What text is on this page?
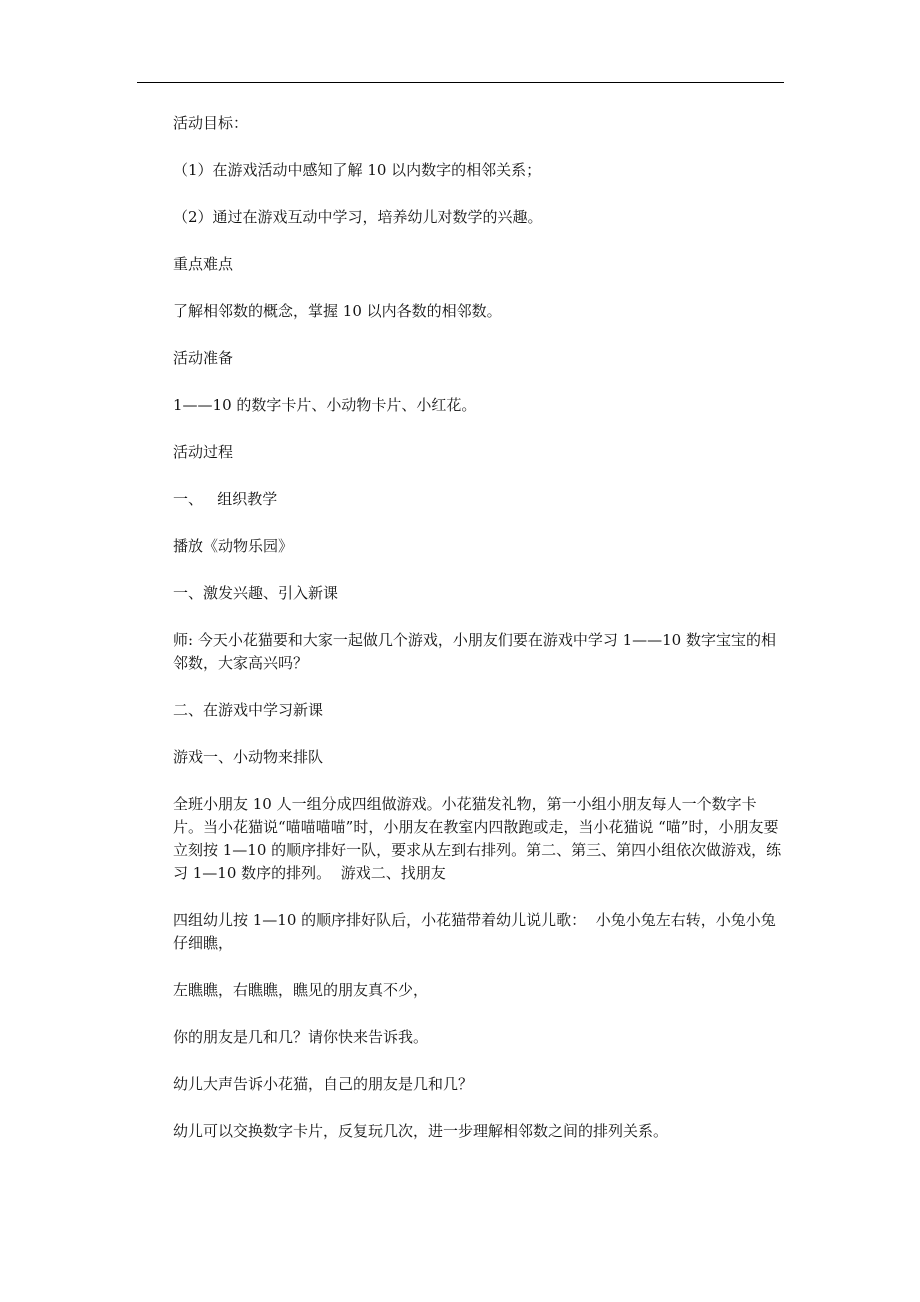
活动目标：

（1）在游戏活动中感知了解 10 以内数字的相邻关系；

（2）通过在游戏互动中学习，培养幼儿对数学的兴趣。

重点难点

了解相邻数的概念，掌握 10 以内各数的相邻数。

活动准备

1——10 的数字卡片、小动物卡片、小红花。

活动过程

一、   组织教学

播放《动物乐园》

一、激发兴趣、引入新课

师: 今天小花猫要和大家一起做几个游戏，小朋友们要在游戏中学习 1——10 数字宝宝的相邻数，大家高兴吗？

二、在游戏中学习新课

游戏一、小动物来排队

全班小朋友 10 人一组分成四组做游戏。小花猫发礼物，第一小组小朋友每人一个数字卡片。当小花猫说“喵喵喵喵”时，小朋友在教室内四散跑或走，当小花猫说 “喵”时，小朋友要立刻按 1—10 的顺序排好一队，要求从左到右排列。第二、第三、第四小组依次做游戏，练习 1—10 数序的排列。  游戏二、找朋友

四组幼儿按 1—10 的顺序排好队后，小花猫带着幼儿说儿歌：  小兔小兔左右转，小兔小兔仔细瞧，

左瞧瞧，右瞧瞧，瞧见的朋友真不少，

你的朋友是几和几？请你快来告诉我。

幼儿大声告诉小花猫，自己的朋友是几和几？

幼儿可以交换数字卡片，反复玩几次，进一步理解相邻数之间的排列关系。
